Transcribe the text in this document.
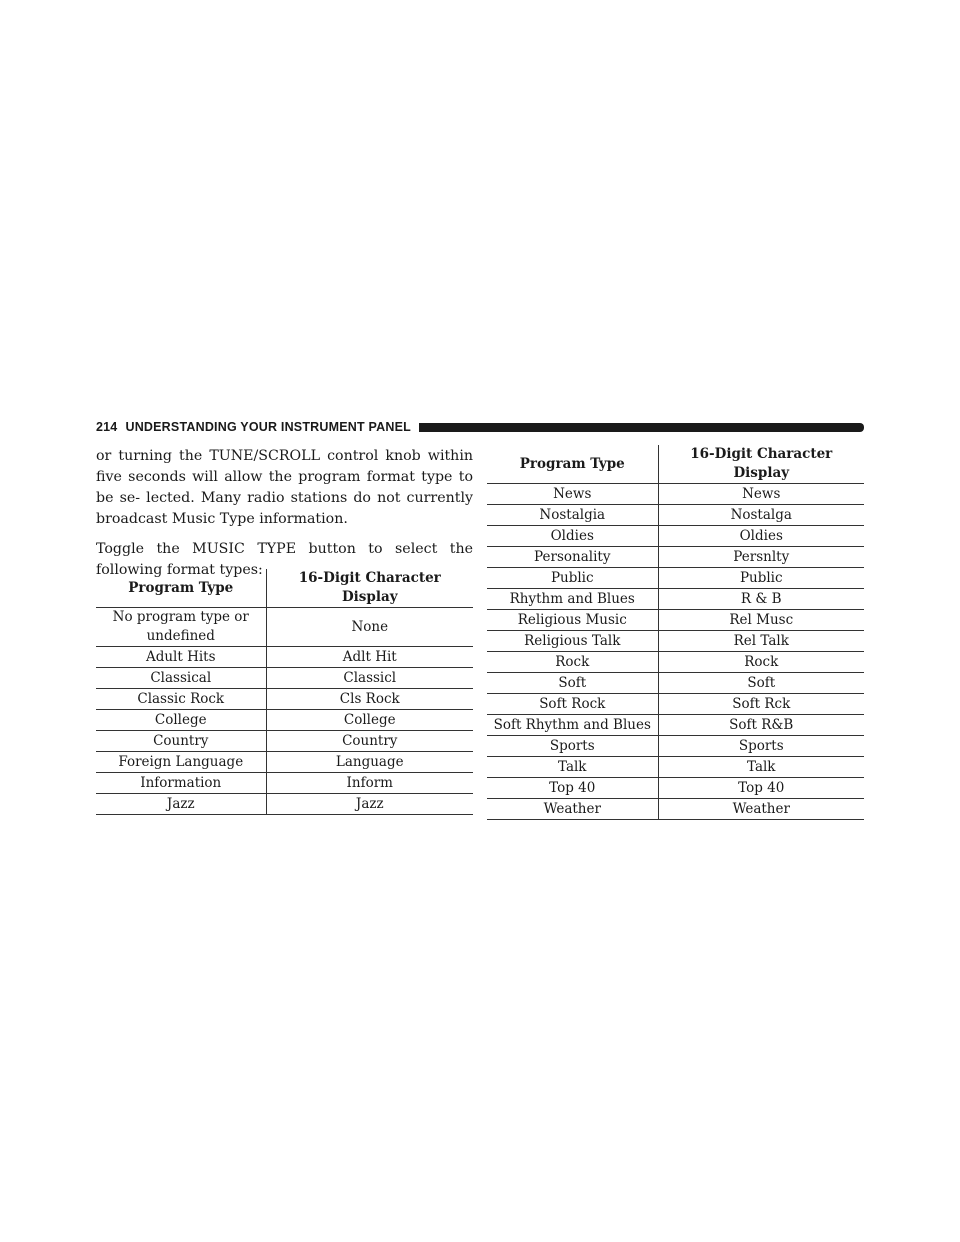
214 UNDERSTANDING YOUR INSTRUMENT PANEL

or turning the TUNE/SCROLL control knob within five seconds will allow the program format type to be se- lected. Many radio stations do not currently broadcast Music Type information.

Toggle the MUSIC TYPE button to select the following format types:

Program Type	16-Digit Character Display
No program type or undefined	None
Adult Hits	Adlt Hit
Classical	Classicl
Classic Rock	Cls Rock
College	College
Country	Country
Foreign Language	Language
Information	Inform
Jazz	Jazz
Program Type	16-Digit Character Display
News	News
Nostalgia	Nostalga
Oldies	Oldies
Personality	Persnlty
Public	Public
Rhythm and Blues	R & B
Religious Music	Rel Musc
Religious Talk	Rel Talk
Rock	Rock
Soft	Soft
Soft Rock	Soft Rck
Soft Rhythm and Blues	Soft R&B
Sports	Sports
Talk	Talk
Top 40	Top 40
Weather	Weather
